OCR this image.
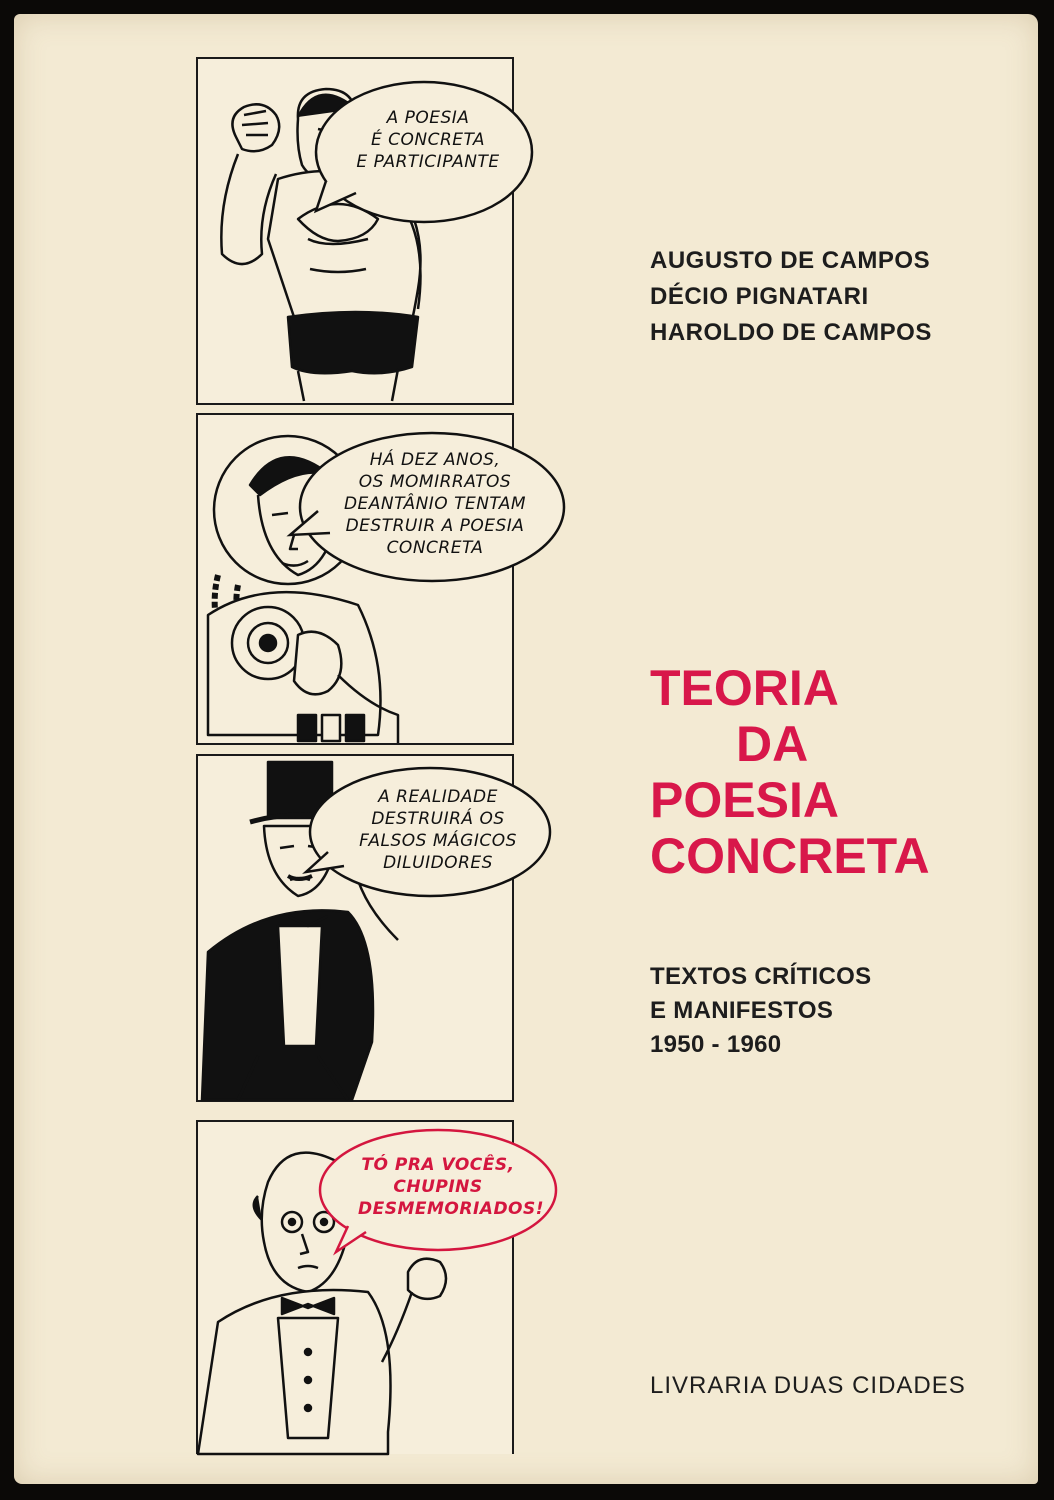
A POESIA
É CONCRETA
E PARTICIPANTE
HÁ DEZ ANOS,
OS MOMIRRATOS
DEANTÂNIO TENTAM
DESTRUIR A POESIA
CONCRETA
A REALIDADE
DESTRUIRÁ OS
FALSOS MÁGICOS
DILUIDORES
TÓ PRA VOCÊS,
CHUPINS
DESMEMORIADOS!
AUGUSTO DE CAMPOS
DÉCIO PIGNATARI
HAROLDO DE CAMPOS
TEORIA
DA
POESIA
CONCRETA
TEXTOS CRÍTICOS
E MANIFESTOS
1950 - 1960
LIVRARIA DUAS CIDADES
